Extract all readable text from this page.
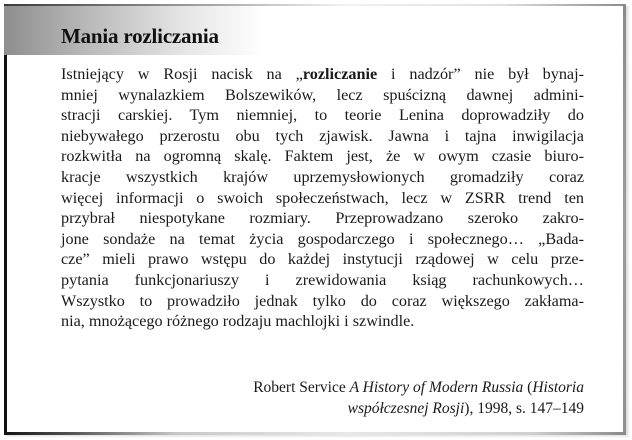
Mania rozliczania
Istniejący w Rosji nacisk na „rozliczanie i nadzór” nie był bynaj-
mniej wynalazkiem Bolszewików, lecz spuścizną dawnej admini-
stracji carskiej. Tym niemniej, to teorie Lenina doprowadziły do
niebywałego przerostu obu tych zjawisk. Jawna i tajna inwigilacja
rozkwitła na ogromną skalę. Faktem jest, że w owym czasie biuro-
kracje wszystkich krajów uprzemysłowionych gromadziły coraz
więcej informacji o swoich społeczeństwach, lecz w ZSRR trend ten
przybrał niespotykane rozmiary. Przeprowadzano szeroko zakro-
jone sondaże na temat życia gospodarczego i społecznego… „Bada-
cze” mieli prawo wstępu do każdej instytucji rządowej w celu prze-
pytania funkcjonariuszy i zrewidowania ksiąg rachunkowych…
Wszystko to prowadziło jednak tylko do coraz większego zakłama-
nia, mnożącego różnego rodzaju machlojki i szwindle.
Robert Service A History of Modern Russia (Historia
współczesnej Rosji), 1998, s. 147–149
